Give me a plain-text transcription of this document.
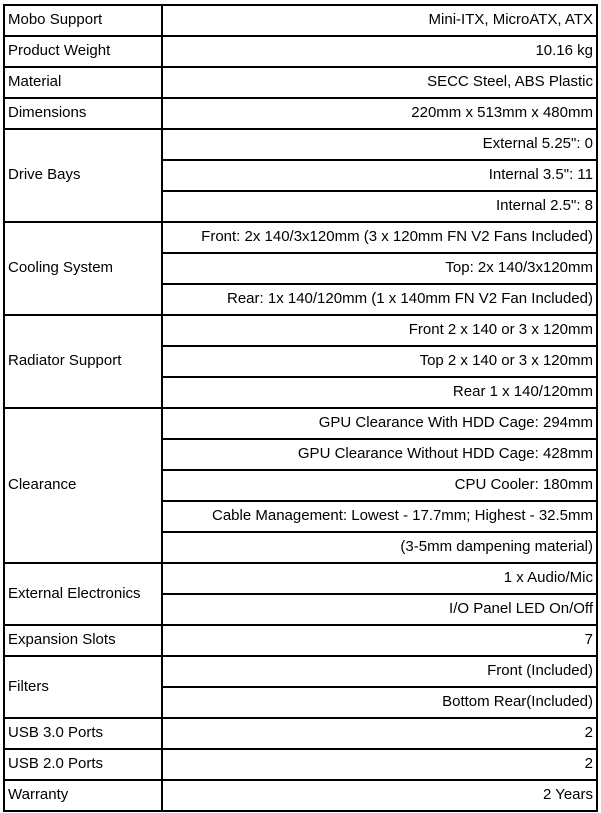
Mobo Support	Mini-ITX, MicroATX, ATX
Product Weight	10.16 kg
Material	SECC Steel, ABS Plastic
Dimensions	220mm x 513mm x 480mm
Drive Bays	External 5.25": 0
	Internal 3.5": 11
	Internal 2.5": 8
Cooling System	Front: 2x 140/3x120mm (3 x 120mm FN V2 Fans Included)
	Top: 2x 140/3x120mm
	Rear: 1x 140/120mm (1 x 140mm FN V2 Fan Included)
Radiator Support	Front 2 x 140 or 3 x 120mm
	Top 2 x 140 or 3 x 120mm
	Rear 1 x 140/120mm
Clearance	GPU Clearance With HDD Cage: 294mm
	GPU Clearance Without HDD Cage: 428mm
	CPU Cooler: 180mm
	Cable Management: Lowest - 17.7mm; Highest - 32.5mm
	(3-5mm dampening material)
External Electronics	1 x Audio/Mic
	I/O Panel LED On/Off
Expansion Slots	7
Filters	Front (Included)
	Bottom Rear(Included)
USB 3.0 Ports	2
USB 2.0 Ports	2
Warranty	2 Years
